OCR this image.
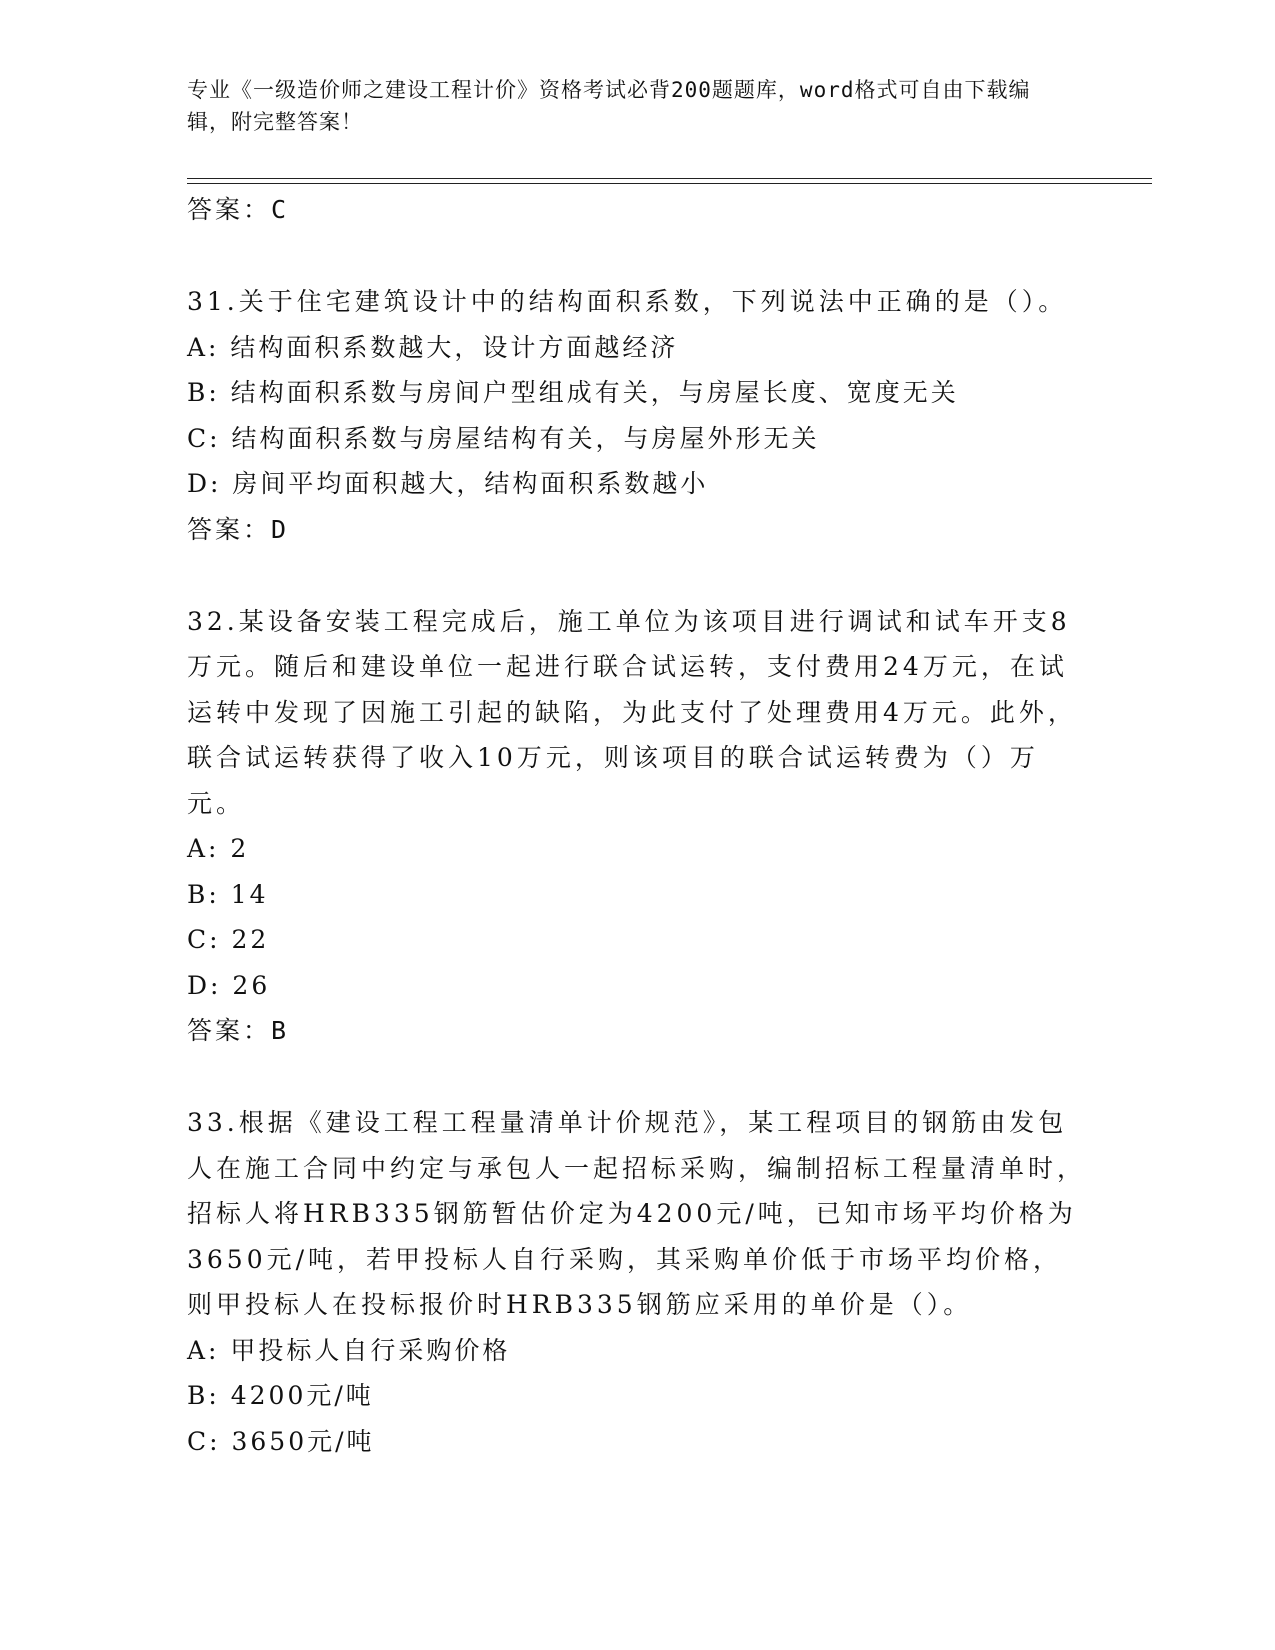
专业《一级造价师之建设工程计价》资格考试必背200题题库，word格式可自由下载编辑，附完整答案！
答案：C
31.关于住宅建筑设计中的结构面积系数，下列说法中正确的是（）。
A: 结构面积系数越大，设计方面越经济
B: 结构面积系数与房间户型组成有关，与房屋长度、宽度无关
C: 结构面积系数与房屋结构有关，与房屋外形无关
D: 房间平均面积越大，结构面积系数越小
答案：D
32.某设备安装工程完成后，施工单位为该项目进行调试和试车开支8万元。随后和建设单位一起进行联合试运转，支付费用24万元，在试运转中发现了因施工引起的缺陷，为此支付了处理费用4万元。此外，联合试运转获得了收入10万元，则该项目的联合试运转费为（）万元。
A: 2
B: 14
C: 22
D: 26
答案：B
33.根据《建设工程工程量清单计价规范》，某工程项目的钢筋由发包人在施工合同中约定与承包人一起招标采购，编制招标工程量清单时，招标人将HRB335钢筋暂估价定为4200元/吨，已知市场平均价格为3650元/吨，若甲投标人自行采购，其采购单价低于市场平均价格，则甲投标人在投标报价时HRB335钢筋应采用的单价是（）。
A: 甲投标人自行采购价格
B: 4200元/吨
C: 3650元/吨
